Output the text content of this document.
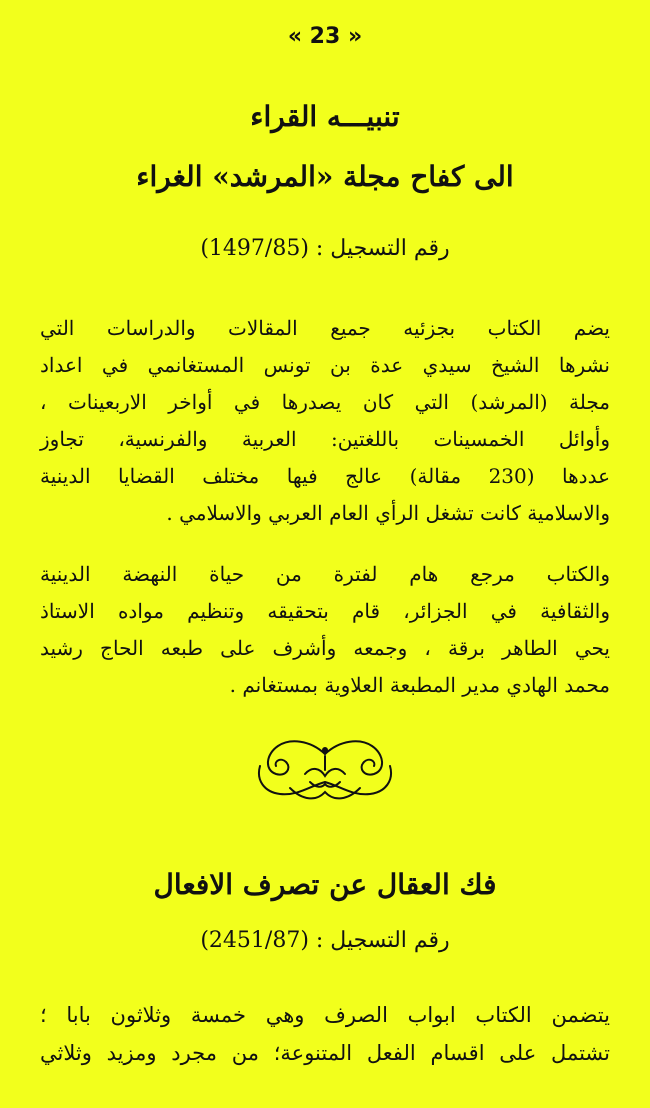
« 23 »
تنبيـــه القراء
الى كفاح مجلة «المرشد» الغراء
رقم التسجيل : (1497/85)

يضم الكتاب بجزئيه جميع المقالات والدراسات التي

نشرها الشيخ سيدي عدة بن تونس المستغانمي في اعداد

مجلة (المرشد) التي كان يصدرها في أواخر الاربعينات ،

وأوائل الخمسينات باللغتين: العربية والفرنسية، تجاوز

عددها (230 مقالة) عالج فيها مختلف القضايا الدينية

والاسلامية كانت تشغل الرأي العام العربي والاسلامي .

والكتاب مرجع هام لفترة من حياة النهضة الدينية

والثقافية في الجزائر، قام بتحقيقه وتنظيم مواده الاستاذ

يحي الطاهر برقة ، وجمعه وأشرف على طبعه الحاج رشيد

محمد الهادي مدير المطبعة العلاوية بمستغانم .

فك العقال عن تصرف الافعال
رقم التسجيل : (2451/87)

يتضمن الكتاب ابواب الصرف وهي خمسة وثلاثون بابا ؛

تشتمل على اقسام الفعل المتنوعة؛ من مجرد ومزيد وثلاثي
